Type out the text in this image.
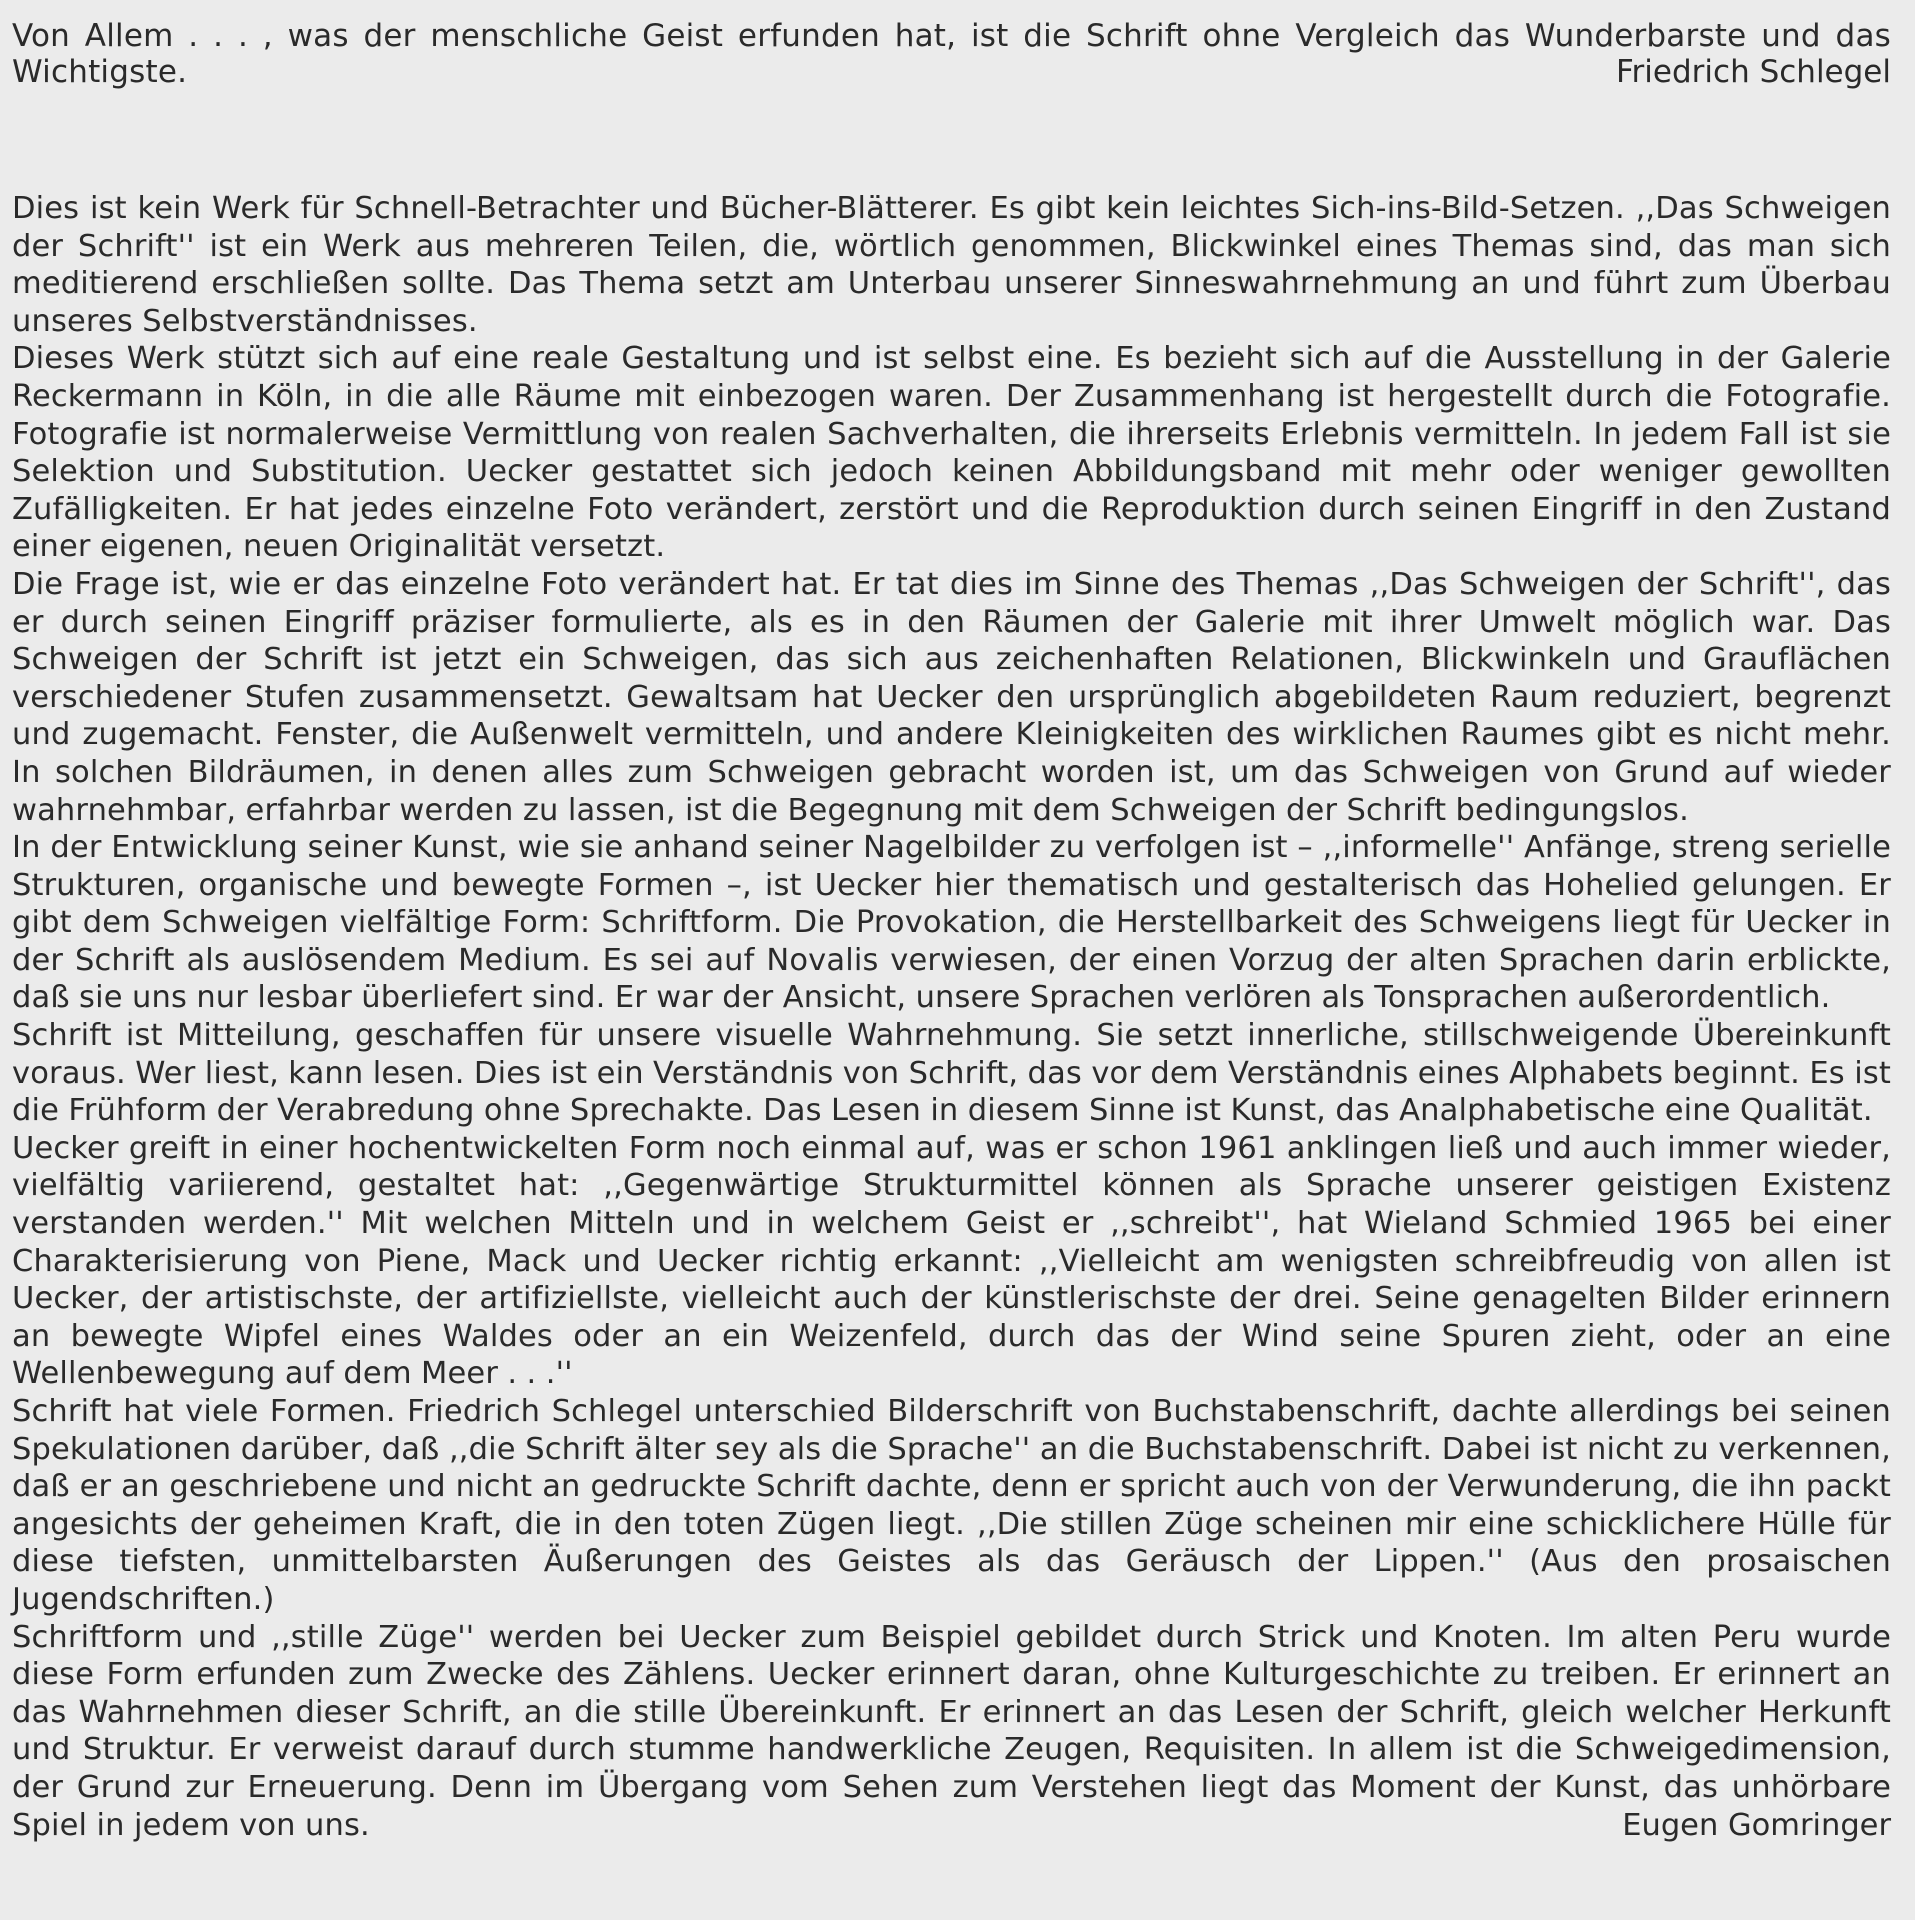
Von Allem . . . , was der menschliche Geist erfunden hat, ist die Schrift ohne Vergleich das Wunderbarste und das Wichtigste.	Friedrich Schlegel

Dies ist kein Werk für Schnell-Betrachter und Bücher-Blätterer. Es gibt kein leichtes Sich-ins-Bild-Setzen. ,,Das Schweigen der Schrift'' ist ein Werk aus mehreren Teilen, die, wörtlich genommen, Blickwinkel eines Themas sind, das man sich meditierend erschließen sollte. Das Thema setzt am Unterbau unserer Sinneswahrnehmung an und führt zum Überbau unseres Selbstverständnisses.

Dieses Werk stützt sich auf eine reale Gestaltung und ist selbst eine. Es bezieht sich auf die Ausstellung in der Galerie Reckermann in Köln, in die alle Räume mit einbezogen waren. Der Zusammenhang ist hergestellt durch die Fotografie. Fotografie ist normalerweise Vermittlung von realen Sachverhalten, die ihrerseits Erlebnis vermitteln. In jedem Fall ist sie Selektion und Substitution. Uecker gestattet sich jedoch keinen Abbildungsband mit mehr oder weniger gewollten Zufälligkeiten. Er hat jedes einzelne Foto verändert, zerstört und die Reproduktion durch seinen Eingriff in den Zustand einer eigenen, neuen Originalität versetzt.

Die Frage ist, wie er das einzelne Foto verändert hat. Er tat dies im Sinne des Themas ,,Das Schweigen der Schrift'', das er durch seinen Eingriff präziser formulierte, als es in den Räumen der Galerie mit ihrer Umwelt möglich war. Das Schweigen der Schrift ist jetzt ein Schweigen, das sich aus zeichenhaften Relationen, Blickwinkeln und Grauflächen verschiedener Stufen zusammensetzt. Gewaltsam hat Uecker den ursprünglich abgebildeten Raum reduziert, begrenzt und zugemacht. Fenster, die Außenwelt vermitteln, und andere Kleinigkeiten des wirklichen Raumes gibt es nicht mehr. In solchen Bildräumen, in denen alles zum Schweigen gebracht worden ist, um das Schweigen von Grund auf wieder wahrnehmbar, erfahrbar werden zu lassen, ist die Begegnung mit dem Schweigen der Schrift bedingungslos.

In der Entwicklung seiner Kunst, wie sie anhand seiner Nagelbilder zu verfolgen ist – ,,informelle'' Anfänge, streng serielle Strukturen, organische und bewegte Formen –, ist Uecker hier thematisch und gestalterisch das Hohelied gelungen. Er gibt dem Schweigen vielfältige Form: Schriftform. Die Provokation, die Herstellbarkeit des Schweigens liegt für Uecker in der Schrift als auslösendem Medium. Es sei auf Novalis verwiesen, der einen Vorzug der alten Sprachen darin erblickte, daß sie uns nur lesbar überliefert sind. Er war der Ansicht, unsere Sprachen verlören als Tonsprachen außerordentlich.

Schrift ist Mitteilung, geschaffen für unsere visuelle Wahrnehmung. Sie setzt innerliche, stillschweigende Übereinkunft voraus. Wer liest, kann lesen. Dies ist ein Verständnis von Schrift, das vor dem Verständnis eines Alphabets beginnt. Es ist die Frühform der Verabredung ohne Sprechakte. Das Lesen in diesem Sinne ist Kunst, das Analphabetische eine Qualität.

Uecker greift in einer hochentwickelten Form noch einmal auf, was er schon 1961 anklingen ließ und auch immer wieder, vielfältig variierend, gestaltet hat: ,,Gegenwärtige Strukturmittel können als Sprache unserer geistigen Existenz verstanden werden.'' Mit welchen Mitteln und in welchem Geist er ,,schreibt'', hat Wieland Schmied 1965 bei einer Charakterisierung von Piene, Mack und Uecker richtig erkannt: ,,Vielleicht am wenigsten schreibfreudig von allen ist Uecker, der artistischste, der artifiziellste, vielleicht auch der künstlerischste der drei. Seine genagelten Bilder erinnern an bewegte Wipfel eines Waldes oder an ein Weizenfeld, durch das der Wind seine Spuren zieht, oder an eine Wellenbewegung auf dem Meer . . .''

Schrift hat viele Formen. Friedrich Schlegel unterschied Bilderschrift von Buchstabenschrift, dachte allerdings bei seinen Spekulationen darüber, daß ,,die Schrift älter sey als die Sprache'' an die Buchstabenschrift. Dabei ist nicht zu verkennen, daß er an geschriebene und nicht an gedruckte Schrift dachte, denn er spricht auch von der Verwunderung, die ihn packt angesichts der geheimen Kraft, die in den toten Zügen liegt. ,,Die stillen Züge scheinen mir eine schicklichere Hülle für diese tiefsten, unmittelbarsten Äußerungen des Geistes als das Geräusch der Lippen.'' (Aus den prosaischen Jugendschriften.)

Schriftform und ,,stille Züge'' werden bei Uecker zum Beispiel gebildet durch Strick und Knoten. Im alten Peru wurde diese Form erfunden zum Zwecke des Zählens. Uecker erinnert daran, ohne Kulturgeschichte zu treiben. Er erinnert an das Wahrnehmen dieser Schrift, an die stille Übereinkunft. Er erinnert an das Lesen der Schrift, gleich welcher Herkunft und Struktur. Er verweist darauf durch stumme handwerkliche Zeugen, Requisiten. In allem ist die Schweigedimension, der Grund zur Erneuerung. Denn im Übergang vom Sehen zum Verstehen liegt das Moment der Kunst, das unhörbare Spiel in jedem von uns.	Eugen Gomringer
